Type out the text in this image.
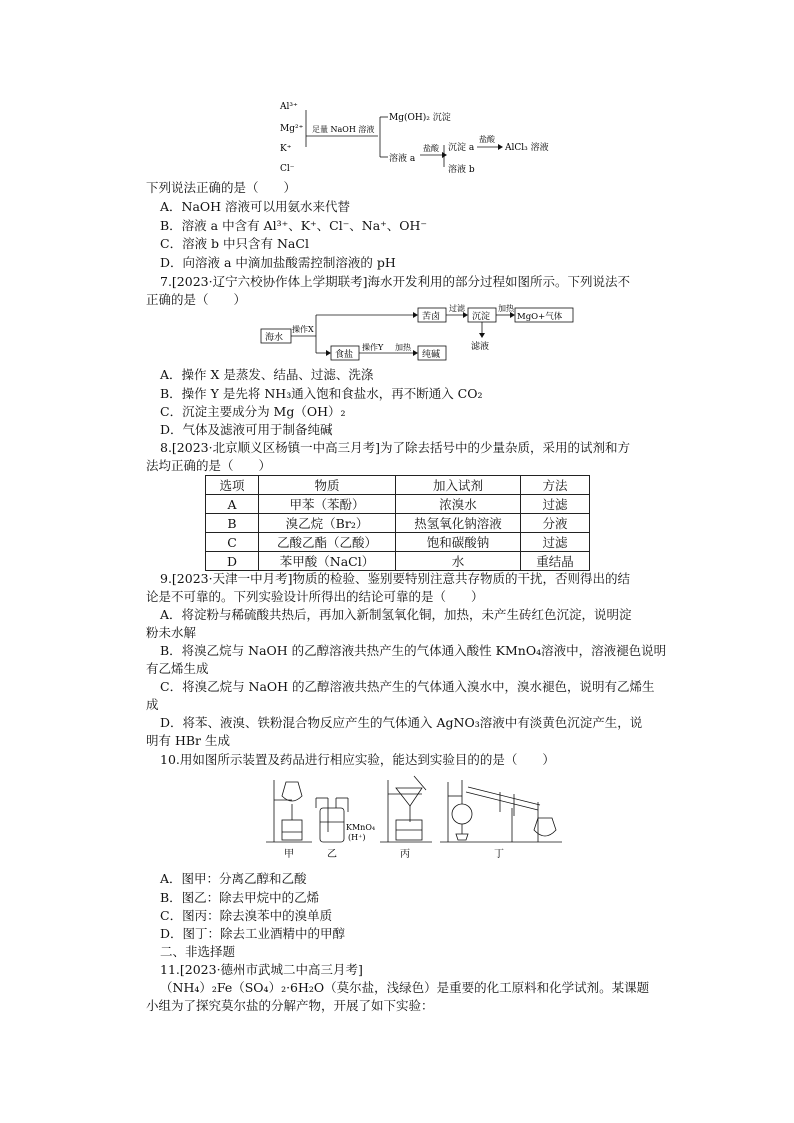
Al³⁺
Mg²⁺
K⁺
Cl⁻
足量 NaOH 溶液
Mg(OH)₂ 沉淀
溶液 a
盐酸 沉淀 a
盐酸
AlCl₃ 溶液
溶液 b
下列说法正确的是（　　）
A．NaOH 溶液可以用氨水来代替
B．溶液 a 中含有 Al³⁺、K⁺、Cl⁻、Na⁺、OH⁻
C．溶液 b 中只含有 NaCl
D．向溶液 a 中滴加盐酸需控制溶液的 pH
7.[2023·辽宁六校协作体上学期联考]海水开发利用的部分过程如图所示。下列说法不
正确的是（　　）
海水
操作X
苦卤
过滤
沉淀
加热
MgO+气体
滤液
食盐
操作Y 加热
纯碱
A．操作 X 是蒸发、结晶、过滤、洗涤
B．操作 Y 是先将 NH₃通入饱和食盐水，再不断通入 CO₂
C．沉淀主要成分为 Mg（OH）₂
D．气体及滤液可用于制备纯碱
8.[2023·北京顺义区杨镇一中高三月考]为了除去括号中的少量杂质，采用的试剂和方
法均正确的是（　　）
选项	物质	加入试剂	方法
A	甲苯（苯酚）	浓溴水	过滤
B	溴乙烷（Br₂）	热氢氧化钠溶液	分液
C	乙酸乙酯（乙酸）	饱和碳酸钠	过滤
D	苯甲酸（NaCl）	水	重结晶
9.[2023·天津一中月考]物质的检验、鉴别要特别注意共存物质的干扰，否则得出的结
论是不可靠的。下列实验设计所得出的结论可靠的是（　　）
A．将淀粉与稀硫酸共热后，再加入新制氢氧化铜，加热，未产生砖红色沉淀，说明淀
粉未水解
B．将溴乙烷与 NaOH 的乙醇溶液共热产生的气体通入酸性 KMnO₄溶液中，溶液褪色说明
有乙烯生成
C．将溴乙烷与 NaOH 的乙醇溶液共热产生的气体通入溴水中，溴水褪色，说明有乙烯生
成
D．将苯、液溴、铁粉混合物反应产生的气体通入 AgNO₃溶液中有淡黄色沉淀产生，说
明有 HBr 生成
10.用如图所示装置及药品进行相应实验，能达到实验目的的是（　　）
甲
KMnO₄
(H⁺)
乙	丙	丁
A．图甲：分离乙醇和乙酸
B．图乙：除去甲烷中的乙烯
C．图丙：除去溴苯中的溴单质
D．图丁：除去工业酒精中的甲醇
二、非选择题
11.[2023·德州市武城二中高三月考]
（NH₄）₂Fe（SO₄）₂·6H₂O（莫尔盐，浅绿色）是重要的化工原料和化学试剂。某课题
小组为了探究莫尔盐的分解产物，开展了如下实验：
